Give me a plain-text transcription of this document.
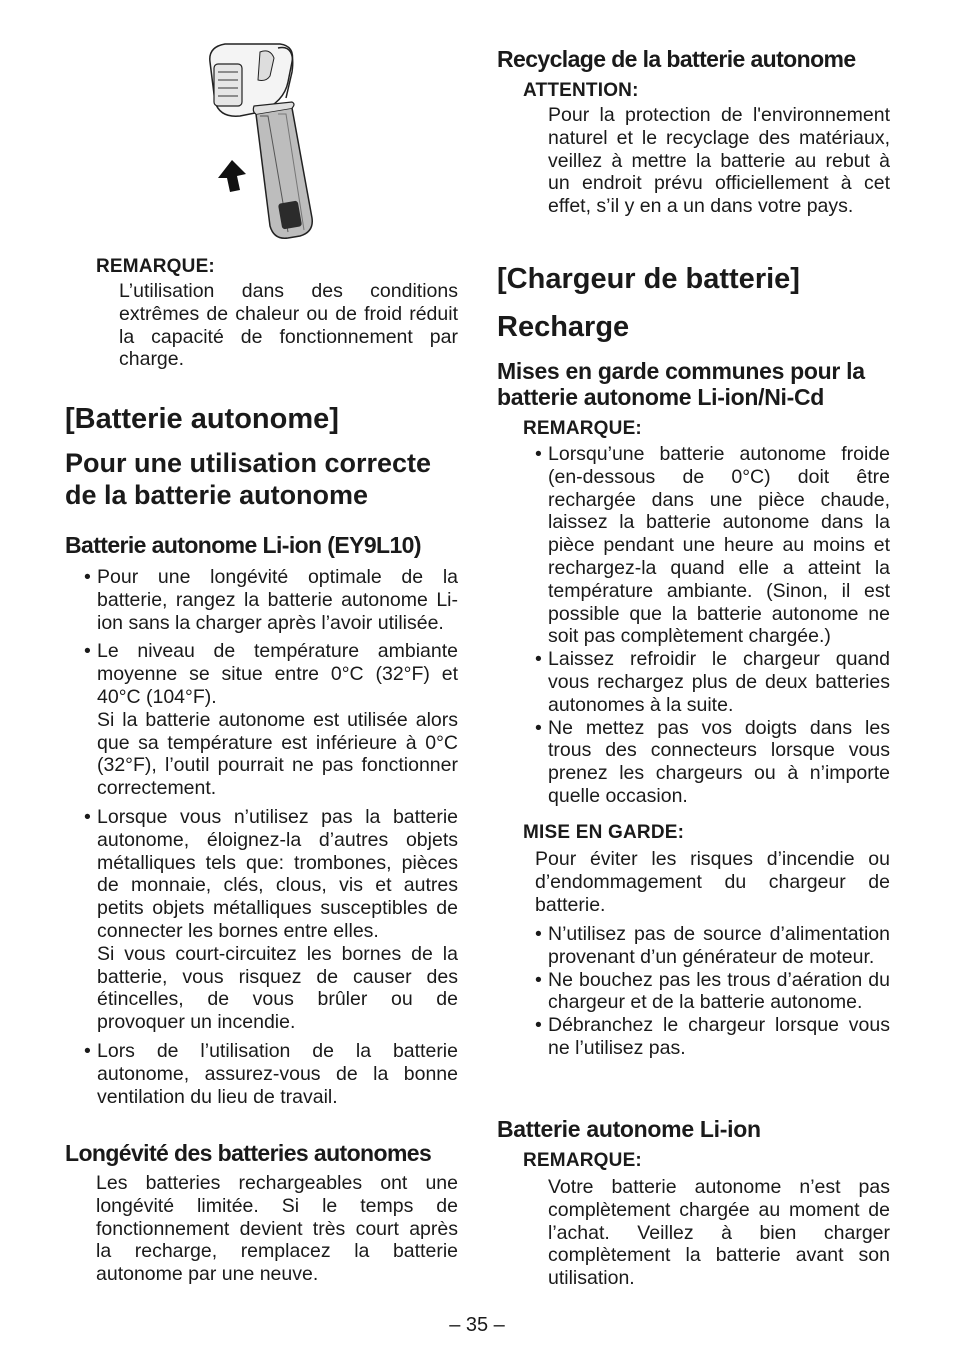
REMARQUE:
L’utilisation dans des conditions extrêmes de chaleur ou de froid réduit la capacité de fonctionnement par charge.
[Batterie autonome]
Pour une utilisation correcte de la batterie autonome
Batterie autonome Li-ion (EY9L10)
• Pour une longévité optimale de la batterie, rangez la batterie autonome Li-ion sans la charger après l’avoir utilisée.
• Le niveau de température ambiante moyenne se situe entre 0°C (32°F) et 40°C (104°F).
Si la batterie autonome est utilisée alors que sa température est inférieure à 0°C (32°F), l’outil pourrait ne pas fonctionner correctement.
• Lorsque vous n’utilisez pas la batterie autonome, éloignez-la d’autres objets métalliques tels que: trombones, pièces de monnaie, clés, clous, vis et autres petits objets métalliques susceptibles de connecter les bornes entre elles.
Si vous court-circuitez les bornes de la batterie, vous risquez de causer des étincelles, de vous brûler ou de provoquer un incendie.
• Lors de l’utilisation de la batterie autonome, assurez-vous de la bonne ventilation du lieu de travail.
Longévité des batteries autonomes
Les batteries rechargeables ont une longévité limitée. Si le temps de fonctionnement devient très court après la recharge, remplacez la batterie autonome par une neuve.
Recyclage de la batterie autonome
ATTENTION:
Pour la protection de l'environnement naturel et le recyclage des matériaux, veillez à mettre la batterie au rebut à un endroit prévu officiellement à cet effet, s’il y en a un dans votre pays.
[Chargeur de batterie]
Recharge
Mises en garde communes pour la batterie autonome Li-ion/Ni-Cd
REMARQUE:
• Lorsqu’une batterie autonome froide (en-dessous de 0°C) doit être rechargée dans une pièce chaude, laissez la batterie autonome dans la pièce pendant une heure au moins et rechargez-la quand elle a atteint la température ambiante. (Sinon, il est possible que la batterie autonome ne soit pas complètement chargée.)
• Laissez refroidir le chargeur quand vous rechargez plus de deux batteries autonomes à la suite.
• Ne mettez pas vos doigts dans les trous des connecteurs lorsque vous prenez les chargeurs ou à n’importe quelle occasion.
MISE EN GARDE:
Pour éviter les risques d’incendie ou d’endommagement du chargeur de batterie.
• N’utilisez pas de source d’alimentation provenant d’un générateur de moteur.
• Ne bouchez pas les trous d’aération du chargeur et de la batterie autonome.
• Débranchez le chargeur lorsque vous ne l’utilisez pas.
Batterie autonome Li-ion
REMARQUE:
Votre batterie autonome n’est pas complètement chargée au moment de l’achat. Veillez à bien charger complètement la batterie avant son utilisation.
– 35 –
